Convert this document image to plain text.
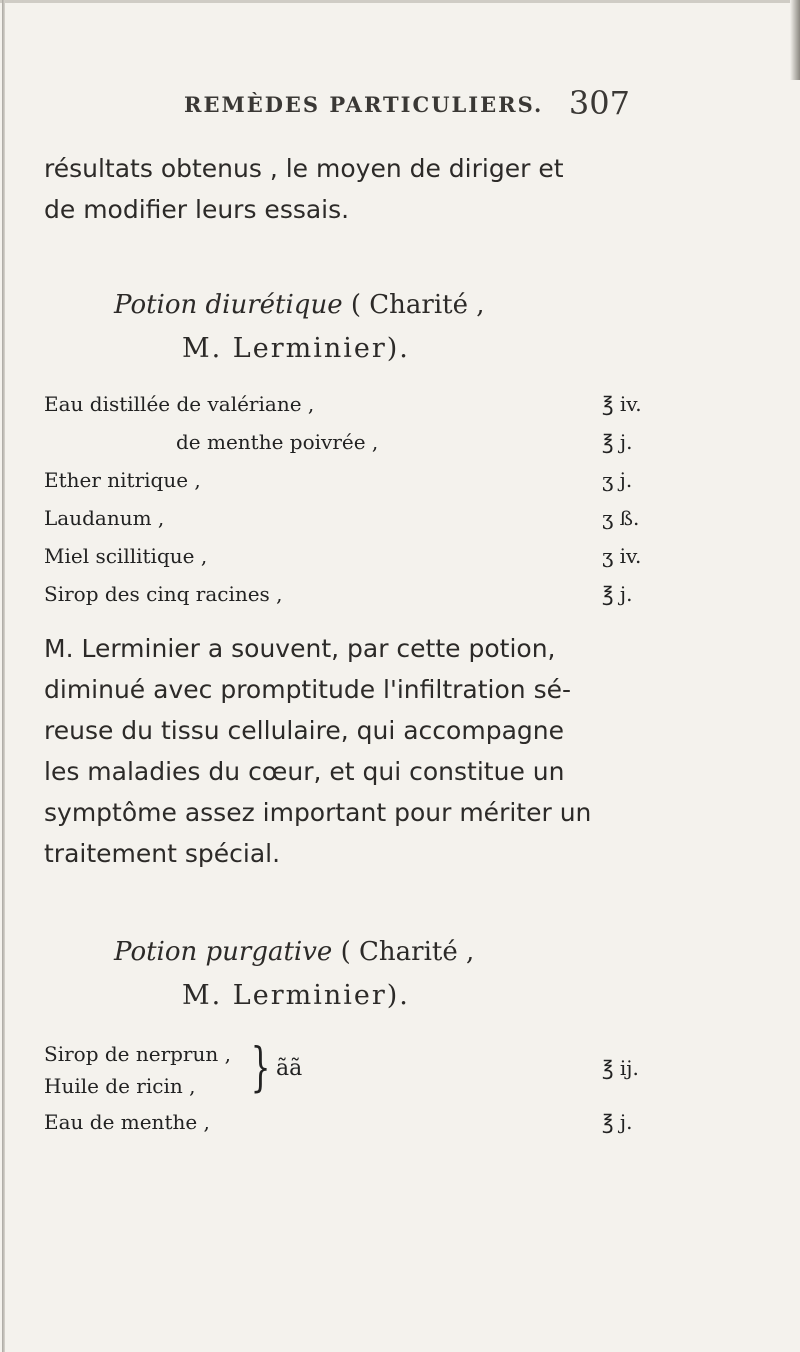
REMÈDES PARTICULIERS. 307

résultats obtenus , le moyen de diriger et

de modifier leurs essais.

Potion diurétique ( Charité ,
M. Lerminier).
Eau distillée de valériane ,	℥ iv.
de menthe poivrée ,	℥ j.
Ether nitrique ,	ʒ j.
Laudanum ,	ʒ ß.
Miel scillitique ,	ʒ iv.
Sirop des cinq racines ,	℥ j.

M. Lerminier a souvent, par cette potion,

diminué avec promptitude l'infiltration sé-

reuse du tissu cellulaire, qui accompagne

les maladies du cœur, et qui constitue un

symptôme assez important pour mériter un

traitement spécial.

Potion purgative ( Charité ,
M. Lerminier).
Sirop de nerprun ,
Huile de ricin , } ãã	℥ ij.
Eau de menthe ,	℥ j.
